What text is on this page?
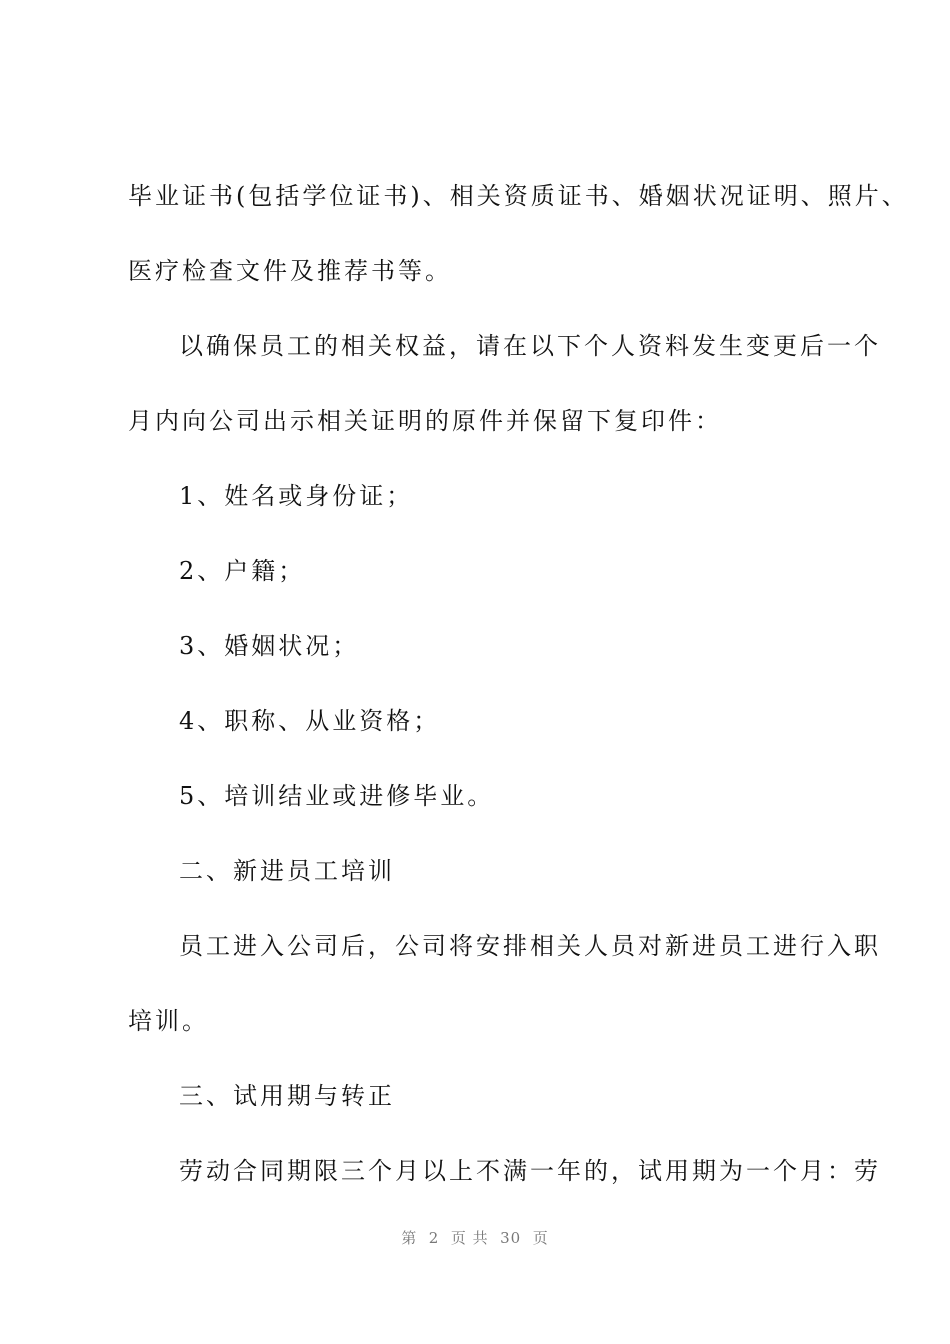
毕业证书(包括学位证书)、相关资质证书、婚姻状况证明、照片、
医疗检查文件及推荐书等。
以确保员工的相关权益，请在以下个人资料发生变更后一个
月内向公司出示相关证明的原件并保留下复印件：
1、姓名或身份证；
2、户籍；
3、婚姻状况；
4、职称、从业资格；
5、培训结业或进修毕业。
二、新进员工培训
员工进入公司后，公司将安排相关人员对新进员工进行入职
培训。
三、试用期与转正
劳动合同期限三个月以上不满一年的，试用期为一个月：劳
第  2  页 共  30  页
